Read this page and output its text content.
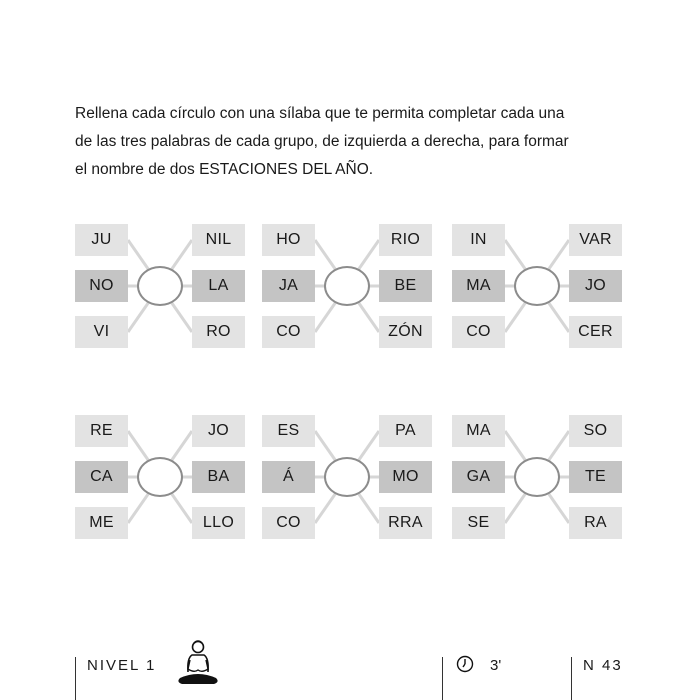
Rellena cada círculo con una sílaba que te permita completar cada una

de las tres palabras de cada grupo, de izquierda a derecha, para formar

el nombre de dos ESTACIONES DEL AÑO.

JU
NO
VI
NIL
LA
RO
HO
JA
CO
RIO
BE
ZÓN
IN
MA
CO
VAR
JO
CER
RE
CA
ME
JO
BA
LLO
ES
Á
CO
PA
MO
RRA
MA
GA
SE
SO
TE
RA
NIVEL 1	3'	N 43
